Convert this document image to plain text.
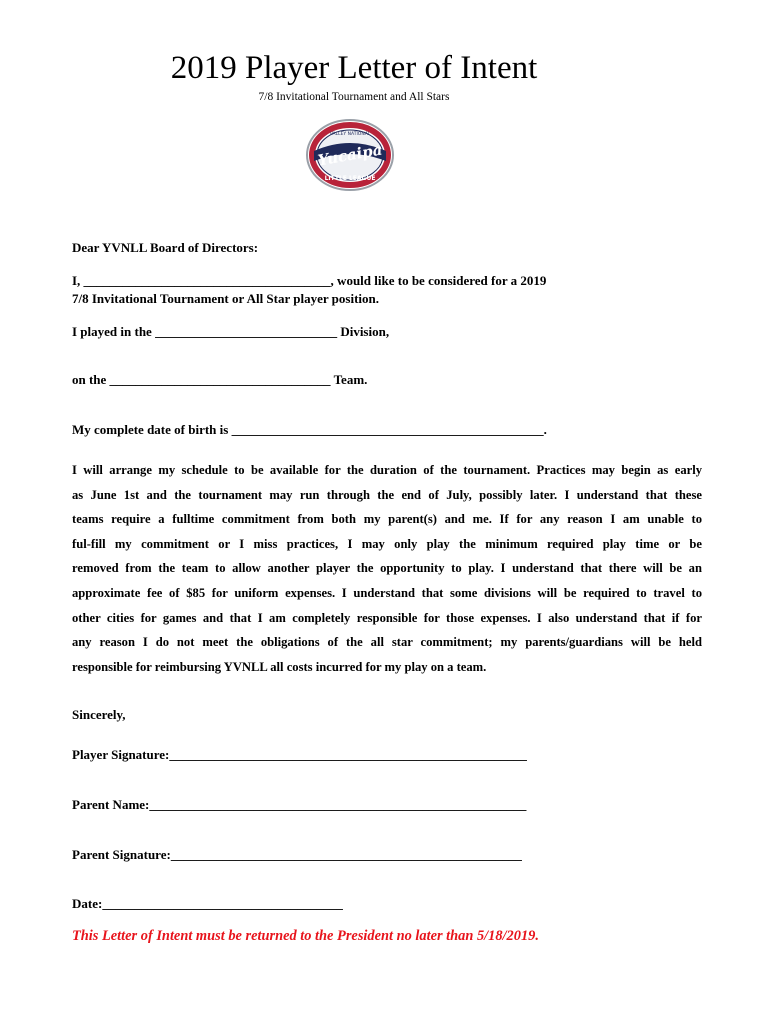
2019 Player Letter of Intent
7/8 Invitational Tournament and All Stars
Yucaipa
VALLEY NATIONAL
LITTLE LEAGUE
Dear YVNLL Board of Directors:
I, ______________________________________, would like to be considered for a 2019
7/8 Invitational Tournament or All Star player position.
I played in the ____________________________ Division,
on the __________________________________ Team.
My complete date of birth is ________________________________________________.
I will arrange my schedule to be available for the duration of the tournament. Practices may begin as early
as June 1st and the tournament may run through the end of July, possibly later. I understand that these
teams require a fulltime commitment from both my parent(s) and me. If for any reason I am unable to
ful-fill my commitment or I miss practices, I may only play the minimum required play time or be
removed from the team to allow another player the opportunity to play. I understand that there will be an
approximate fee of $85 for uniform expenses. I understand that some divisions will be required to travel to
other cities for games and that I am completely responsible for those expenses. I also understand that if for
any reason I do not meet the obligations of the all star commitment; my parents/guardians will be held
responsible for reimbursing YVNLL all costs incurred for my play on a team.
Sincerely,
Player Signature:_______________________________________________________
Parent Name:__________________________________________________________
Parent Signature:______________________________________________________
Date:_____________________________________
This Letter of Intent must be returned to the President no later than 5/18/2019.
